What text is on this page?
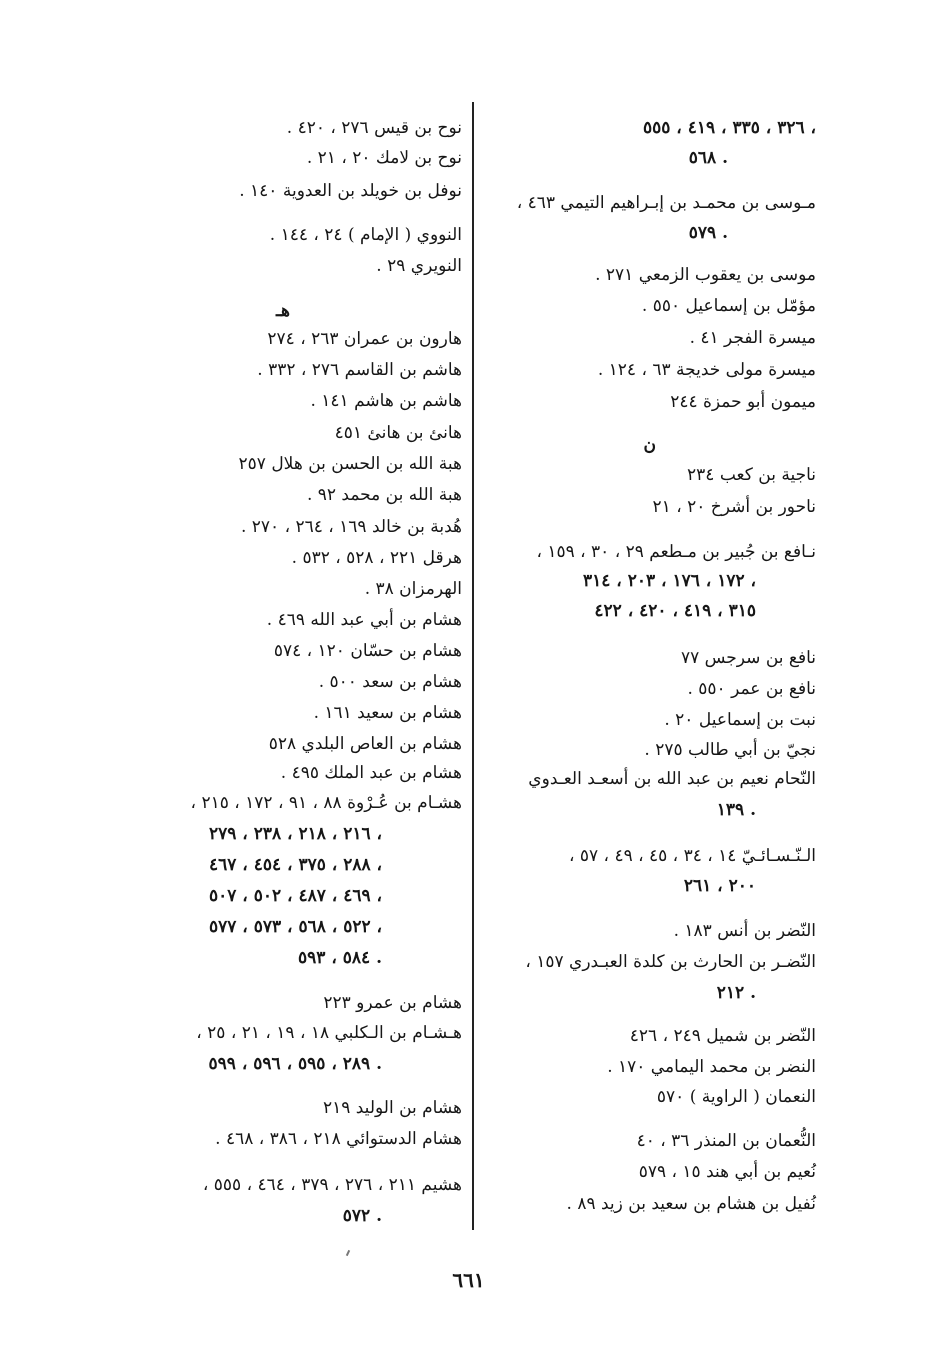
٣٢٦ ، ٣٣٥ ، ٤١٩ ، ٥٥٥ ،
٥٦٨ .
مـوسى بن محمـد بن إبـراهيم التيمي ٤٦٣ ،
٥٧٩ .
موسى بن يعقوب الزمعي ٢٧١ .
مؤمّل بن إسماعيل ٥٥٠ .
ميسرة الفجر ٤١ .
ميسرة مولى خديجة ٦٣ ، ١٢٤ .
ميمون أبو حمزة ٢٤٤
ن
ناجية بن كعب ٢٣٤
ناحور بن أشرخ ٢٠ ، ٢١
نـافع بن جُبير بن مـطعم ٢٩ ، ٣٠ ، ١٥٩ ،
١٧٢ ، ١٧٦ ، ٢٠٣ ، ٣١٤ ،
٣١٥ ، ٤١٩ ، ٤٢٠ ، ٤٢٢
نافع بن سرجس ٧٧
نافع بن عمر ٥٥٠ .
نبت بن إسماعيل ٢٠ .
نجيّ بن أبي طالب ٢٧٥ .
النّحام نعيم بن عبد الله بن أسعـد العـدوي
١٣٩ .
الـنّـسـائـيّ ١٤ ، ٣٤ ، ٤٥ ، ٤٩ ، ٥٧ ،
٢٠٠ ، ٢٦١
النّضر بن أنس ١٨٣ .
النّضـر بن الحارث بن كلدة العبـدري ١٥٧ ،
٢١٢ .
النّضر بن شميل ٢٤٩ ، ٤٢٦
النضر بن محمد اليمامي ١٧٠ .
النعمان ( الراوية ) ٥٧٠
النُّعمان بن المنذر ٣٦ ، ٤٠
نُعيم بن أبي هند ١٥ ، ٥٧٩
نُفيل بن هشام بن سعيد بن زيد ٨٩ .
نوح بن قيس ٢٧٦ ، ٤٢٠ .
نوح بن لامك ٢٠ ، ٢١ .
نوفل بن خويلد بن العدوية ١٤٠ .
النووي ( الإمام ) ٢٤ ، ١٤٤ .
النويري ٢٩ .
هـ
هارون بن عمران ٢٦٣ ، ٢٧٤
هاشم بن القاسم ٢٧٦ ، ٣٣٢ .
هاشم بن هاشم ١٤١ .
هانئ بن هانئ ٤٥١
هبة الله بن الحسن بن هلال ٢٥٧
هبة الله بن محمد ٩٢ .
هُدبة بن خالد ١٦٩ ، ٢٦٤ ، ٢٧٠ .
هرقل ٢٢١ ، ٥٢٨ ، ٥٣٢ .
الهرمزان ٣٨ .
هشام بن أبي عبد الله ٤٦٩ .
هشام بن حسّان ١٢٠ ، ٥٧٤
هشام بن سعد ٥٠٠ .
هشام بن سعيد ١٦١ .
هشام بن العاص البلدي ٥٢٨
هشام بن عبد الملك ٤٩٥ .
هشـام بن عُـرْوة ٨٨ ، ٩١ ، ١٧٢ ، ٢١٥ ،
٢١٦ ، ٢١٨ ، ٢٣٨ ، ٢٧٩ ،
٢٨٨ ، ٣٧٥ ، ٤٥٤ ، ٤٦٧ ،
٤٦٩ ، ٤٨٧ ، ٥٠٢ ، ٥٠٧ ،
٥٢٢ ، ٥٦٨ ، ٥٧٣ ، ٥٧٧ ،
٥٨٤ ، ٥٩٣ .
هشام بن عمرو ٢٢٣
هـشـام بن الـكلبي ١٨ ، ١٩ ، ٢١ ، ٢٥ ،
٢٨٩ ، ٥٩٥ ، ٥٩٦ ، ٥٩٩ .
هشام بن الوليد ٢١٩
هشام الدستوائي ٢١٨ ، ٣٨٦ ، ٤٦٨ .
هشيم ٢١١ ، ٢٧٦ ، ٣٧٩ ، ٤٦٤ ، ٥٥٥ ،
٥٧٢ .
٦٦١
